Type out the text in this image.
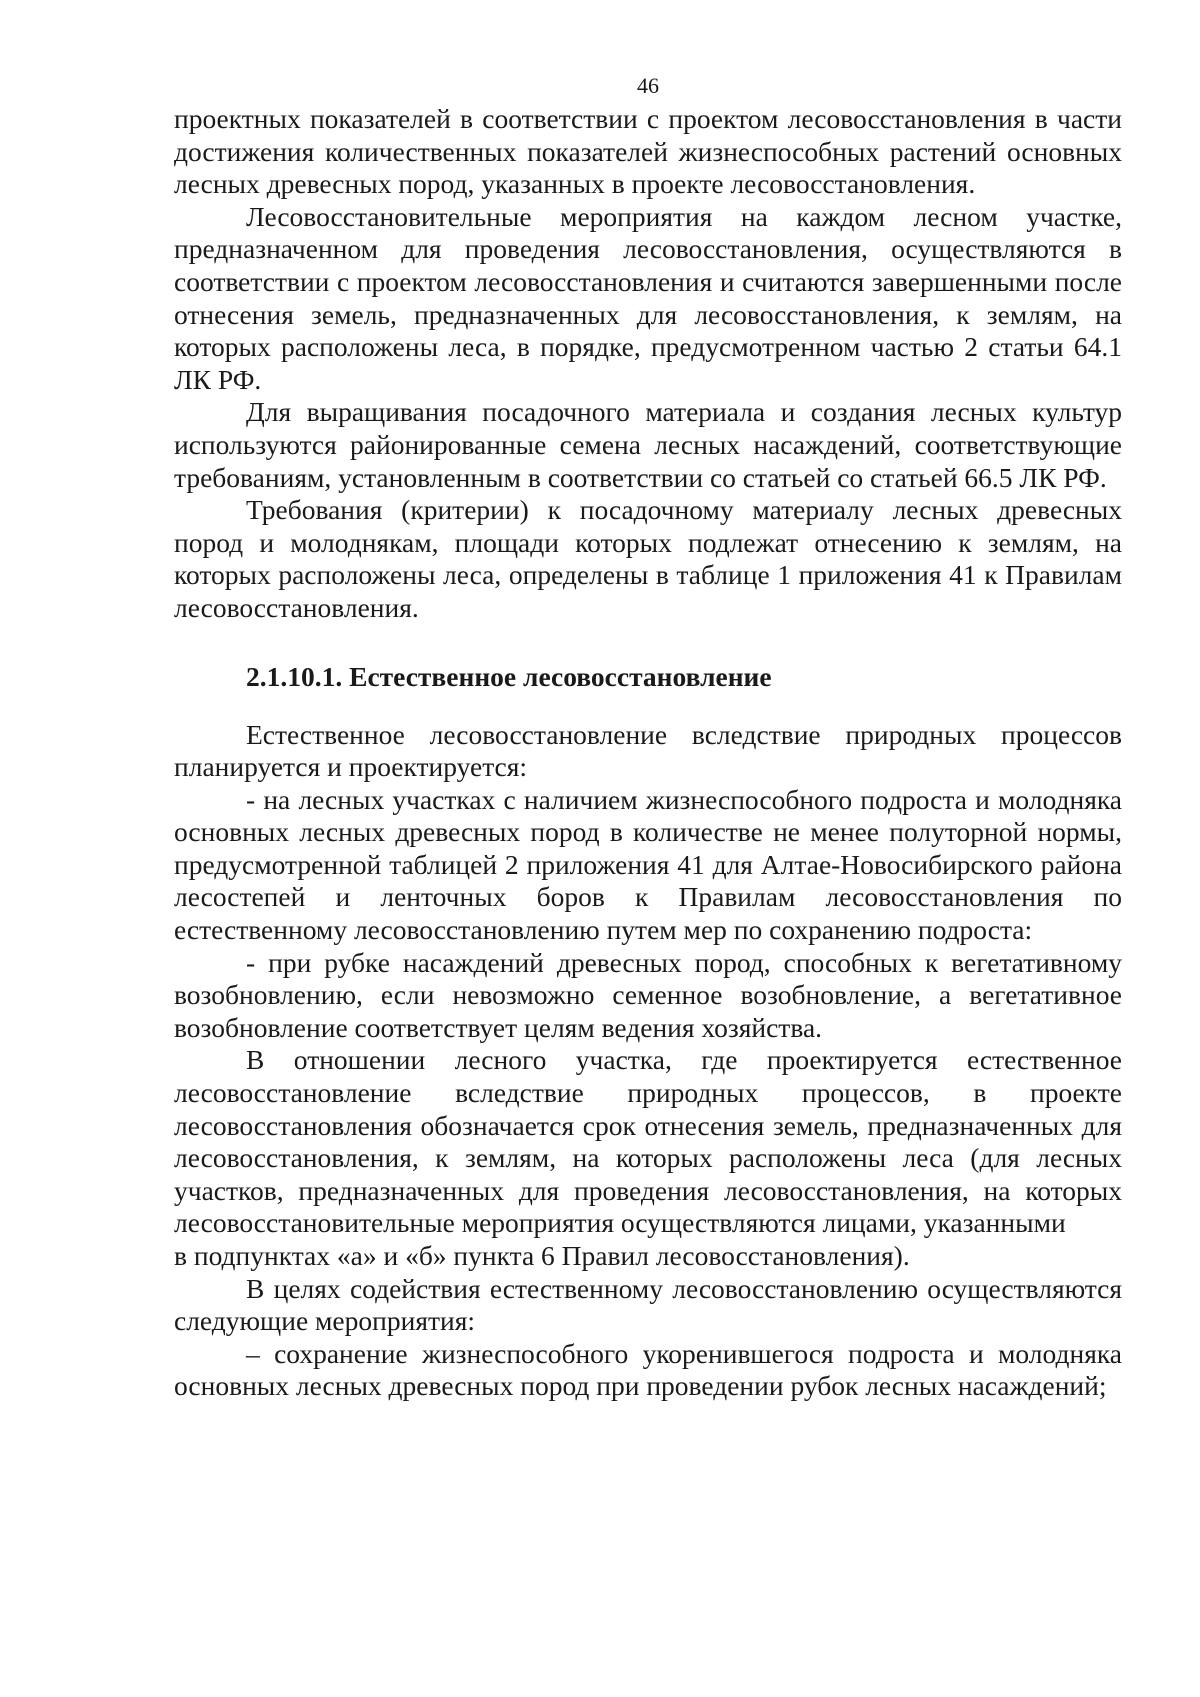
46

проектных показателей в соответствии с проектом лесовосстановления в части достижения количественных показателей жизнеспособных растений основных лесных древесных пород, указанных в проекте лесовосстановления.

Лесовосстановительные мероприятия на каждом лесном участке, предназначенном для проведения лесовосстановления, осуществляются в соответствии с проектом лесовосстановления и считаются завершенными после отнесения земель, предназначенных для лесовосстановления, к землям, на которых расположены леса, в порядке, предусмотренном частью 2 статьи 64.1 ЛК РФ.

Для выращивания посадочного материала и создания лесных культур используются районированные семена лесных насаждений, соответствующие требованиям, установленным в соответствии со статьей со статьей 66.5 ЛК РФ.

Требования (критерии) к посадочному материалу лесных древесных пород и молоднякам, площади которых подлежат отнесению к землям, на которых расположены леса, определены в таблице 1 приложения 41 к Правилам лесовосстановления.

2.1.10.1. Естественное лесовосстановление

Естественное лесовосстановление вследствие природных процессов планируется и проектируется:

- на лесных участках с наличием жизнеспособного подроста и молодняка основных лесных древесных пород в количестве не менее полуторной нормы, предусмотренной таблицей 2 приложения 41 для Алтае-Новосибирского района лесостепей и ленточных боров к Правилам лесовосстановления по естественному лесовосстановлению путем мер по сохранению подроста:

- при рубке насаждений древесных пород, способных к вегетативному возобновлению, если невозможно семенное возобновление, а вегетативное возобновление соответствует целям ведения хозяйства.

В отношении лесного участка, где проектируется естественное лесовосстановление вследствие природных процессов, в проекте лесовосстановления обозначается срок отнесения земель, предназначенных для лесовосстановления, к землям, на которых расположены леса (для лесных участков, предназначенных для проведения лесовосстановления, на которых лесовосстановительные мероприятия осуществляются лицами, указанными

в подпунктах «а» и «б» пункта 6 Правил лесовосстановления).

В целях содействия естественному лесовосстановлению осуществляются следующие мероприятия:

– сохранение жизнеспособного укоренившегося подроста и молодняка основных лесных древесных пород при проведении рубок лесных насаждений;
